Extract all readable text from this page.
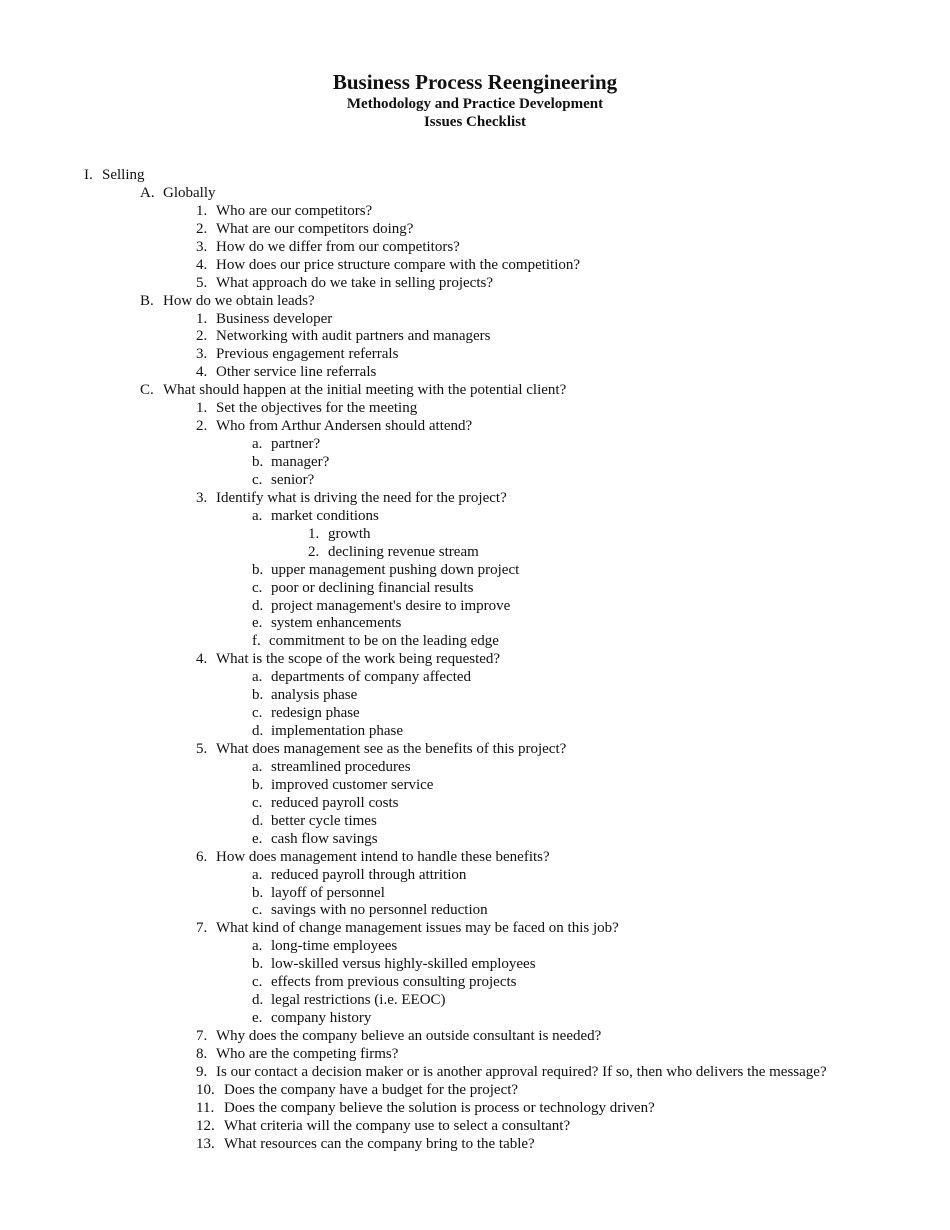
Business Process Reengineering
Methodology and Practice Development
Issues Checklist
I. Selling
A. Globally
1. Who are our competitors?
2. What are our competitors doing?
3. How do we differ from our competitors?
4. How does our price structure compare with the competition?
5. What approach do we take in selling projects?
B. How do we obtain leads?
1. Business developer
2. Networking with audit partners and managers
3. Previous engagement referrals
4. Other service line referrals
C. What should happen at the initial meeting with the potential client?
1. Set the objectives for the meeting
2. Who from Arthur Andersen should attend?
a. partner?
b. manager?
c. senior?
3. Identify what is driving the need for the project?
a. market conditions
1. growth
2. declining revenue stream
b. upper management pushing down project
c. poor or declining financial results
d. project management's desire to improve
e. system enhancements
f. commitment to be on the leading edge
4. What is the scope of the work being requested?
a. departments of company affected
b. analysis phase
c. redesign phase
d. implementation phase
5. What does management see as the benefits of this project?
a. streamlined procedures
b. improved customer service
c. reduced payroll costs
d. better cycle times
e. cash flow savings
6. How does management intend to handle these benefits?
a. reduced payroll through attrition
b. layoff of personnel
c. savings with no personnel reduction
7. What kind of change management issues may be faced on this job?
a. long-time employees
b. low-skilled versus highly-skilled employees
c. effects from previous consulting projects
d. legal restrictions (i.e. EEOC)
e. company history
7. Why does the company believe an outside consultant is needed?
8. Who are the competing firms?
9. Is our contact a decision maker or is another approval required? If so, then who delivers the message?
10. Does the company have a budget for the project?
11. Does the company believe the solution is process or technology driven?
12. What criteria will the company use to select a consultant?
13. What resources can the company bring to the table?
